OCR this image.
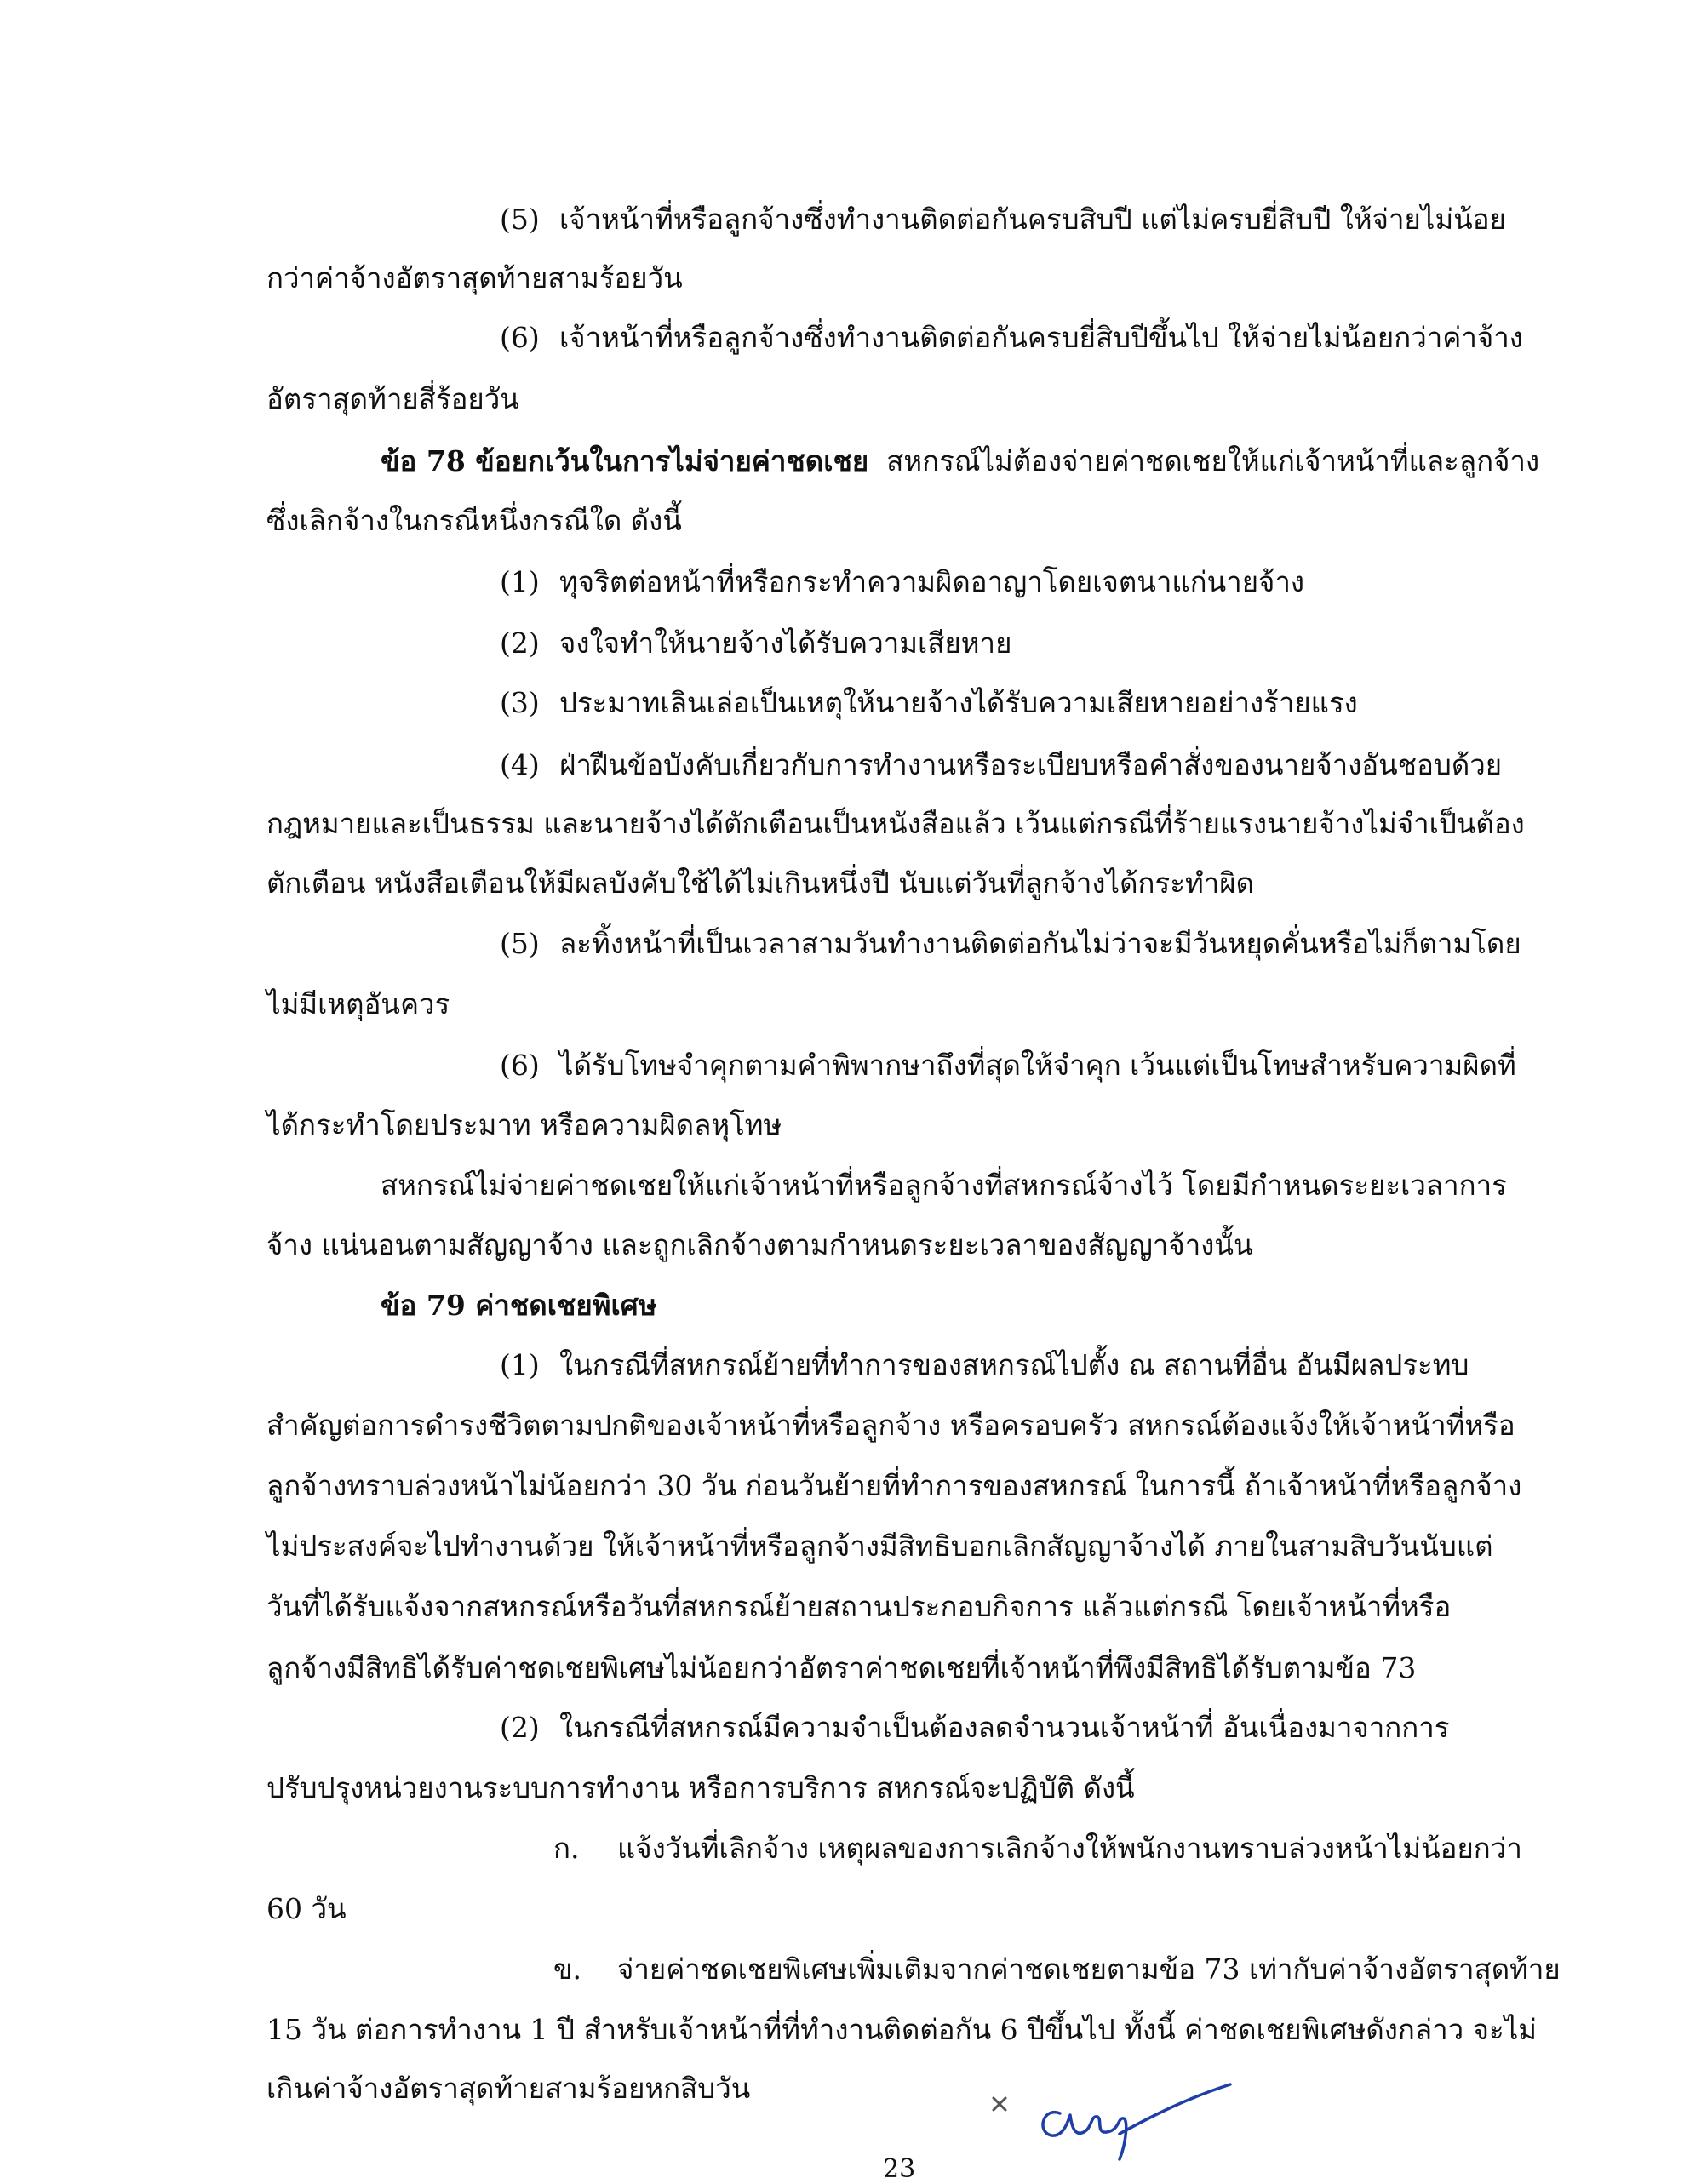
(5) เจ้าหน้าที่หรือลูกจ้างซึ่งทำงานติดต่อกันครบสิบปี แต่ไม่ครบยี่สิบปี ให้จ่ายไม่น้อย
กว่าค่าจ้างอัตราสุดท้ายสามร้อยวัน
(6) เจ้าหน้าที่หรือลูกจ้างซึ่งทำงานติดต่อกันครบยี่สิบปีขึ้นไป ให้จ่ายไม่น้อยกว่าค่าจ้าง
อัตราสุดท้ายสี่ร้อยวัน
ข้อ 78 ข้อยกเว้นในการไม่จ่ายค่าชดเชย สหกรณ์ไม่ต้องจ่ายค่าชดเชยให้แก่เจ้าหน้าที่และลูกจ้าง
ซึ่งเลิกจ้างในกรณีหนึ่งกรณีใด ดังนี้
(1) ทุจริตต่อหน้าที่หรือกระทำความผิดอาญาโดยเจตนาแก่นายจ้าง
(2) จงใจทำให้นายจ้างได้รับความเสียหาย
(3) ประมาทเลินเล่อเป็นเหตุให้นายจ้างได้รับความเสียหายอย่างร้ายแรง
(4) ฝ่าฝืนข้อบังคับเกี่ยวกับการทำงานหรือระเบียบหรือคำสั่งของนายจ้างอันชอบด้วย
กฎหมายและเป็นธรรม และนายจ้างได้ตักเตือนเป็นหนังสือแล้ว เว้นแต่กรณีที่ร้ายแรงนายจ้างไม่จำเป็นต้อง
ตักเตือน หนังสือเตือนให้มีผลบังคับใช้ได้ไม่เกินหนึ่งปี นับแต่วันที่ลูกจ้างได้กระทำผิด
(5) ละทิ้งหน้าที่เป็นเวลาสามวันทำงานติดต่อกันไม่ว่าจะมีวันหยุดคั่นหรือไม่ก็ตามโดย
ไม่มีเหตุอันควร
(6) ได้รับโทษจำคุกตามคำพิพากษาถึงที่สุดให้จำคุก เว้นแต่เป็นโทษสำหรับความผิดที่
ได้กระทำโดยประมาท หรือความผิดลหุโทษ
สหกรณ์ไม่จ่ายค่าชดเชยให้แก่เจ้าหน้าที่หรือลูกจ้างที่สหกรณ์จ้างไว้ โดยมีกำหนดระยะเวลาการ
จ้าง แน่นอนตามสัญญาจ้าง และถูกเลิกจ้างตามกำหนดระยะเวลาของสัญญาจ้างนั้น
ข้อ 79 ค่าชดเชยพิเศษ
(1) ในกรณีที่สหกรณ์ย้ายที่ทำการของสหกรณ์ไปตั้ง ณ สถานที่อื่น อันมีผลประทบ
สำคัญต่อการดำรงชีวิตตามปกติของเจ้าหน้าที่หรือลูกจ้าง หรือครอบครัว สหกรณ์ต้องแจ้งให้เจ้าหน้าที่หรือ
ลูกจ้างทราบล่วงหน้าไม่น้อยกว่า 30 วัน ก่อนวันย้ายที่ทำการของสหกรณ์ ในการนี้ ถ้าเจ้าหน้าที่หรือลูกจ้าง
ไม่ประสงค์จะไปทำงานด้วย ให้เจ้าหน้าที่หรือลูกจ้างมีสิทธิบอกเลิกสัญญาจ้างได้ ภายในสามสิบวันนับแต่
วันที่ได้รับแจ้งจากสหกรณ์หรือวันที่สหกรณ์ย้ายสถานประกอบกิจการ แล้วแต่กรณี โดยเจ้าหน้าที่หรือ
ลูกจ้างมีสิทธิได้รับค่าชดเชยพิเศษไม่น้อยกว่าอัตราค่าชดเชยที่เจ้าหน้าที่พึงมีสิทธิได้รับตามข้อ 73
(2) ในกรณีที่สหกรณ์มีความจำเป็นต้องลดจำนวนเจ้าหน้าที่ อันเนื่องมาจากการ
ปรับปรุงหน่วยงานระบบการทำงาน หรือการบริการ สหกรณ์จะปฏิบัติ ดังนี้
ก. แจ้งวันที่เลิกจ้าง เหตุผลของการเลิกจ้างให้พนักงานทราบล่วงหน้าไม่น้อยกว่า
60 วัน
ข. จ่ายค่าชดเชยพิเศษเพิ่มเติมจากค่าชดเชยตามข้อ 73 เท่ากับค่าจ้างอัตราสุดท้าย
15 วัน ต่อการทำงาน 1 ปี สำหรับเจ้าหน้าที่ที่ทำงานติดต่อกัน 6 ปีขึ้นไป ทั้งนี้ ค่าชดเชยพิเศษดังกล่าว จะไม่
เกินค่าจ้างอัตราสุดท้ายสามร้อยหกสิบวัน
23
